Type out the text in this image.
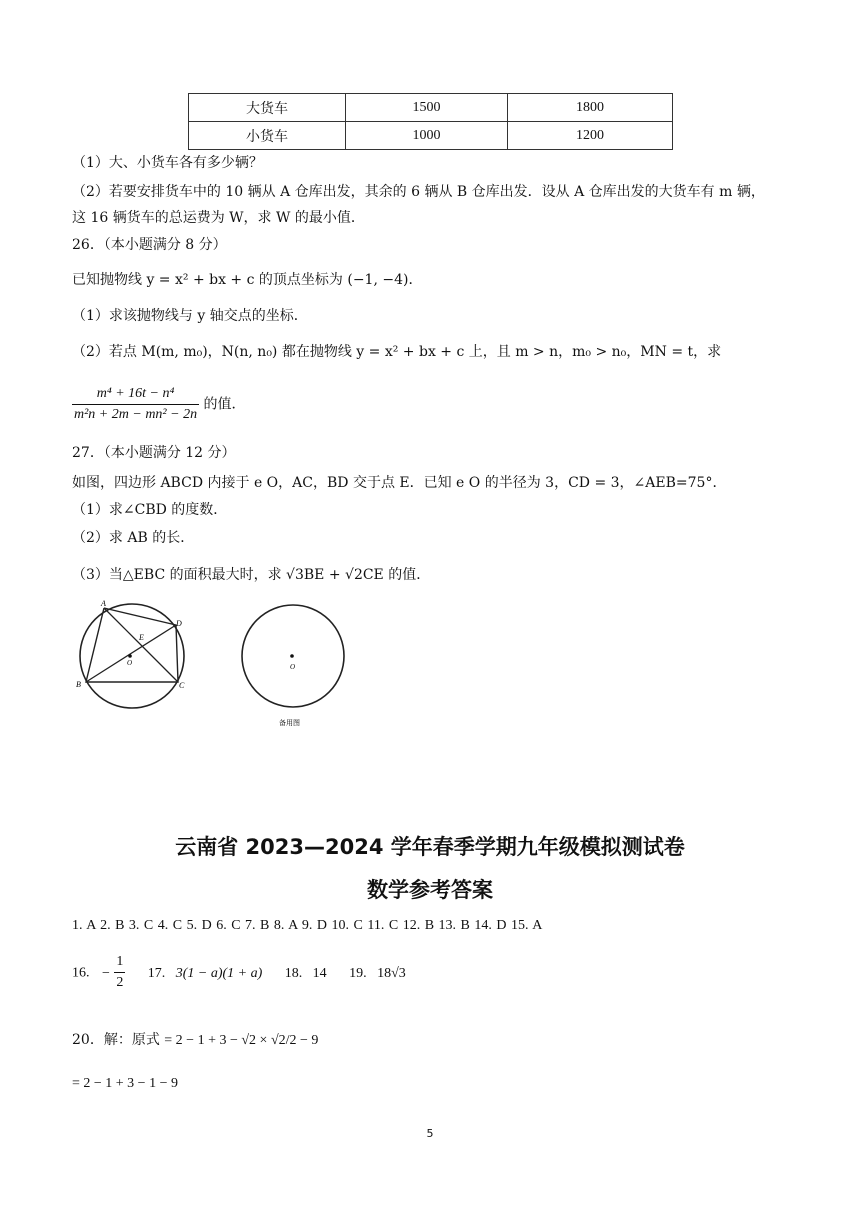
大货车	1500	1800
小货车	1000	1200
（1）大、小货车各有多少辆？
（2）若要安排货车中的 10 辆从 A 仓库出发，其余的 6 辆从 B 仓库出发．设从 A 仓库出发的大货车有 m 辆，
这 16 辆货车的总运费为 W，求 W 的最小值．
26．（本小题满分 8 分）
已知抛物线 y = x² + bx + c 的顶点坐标为 (−1, −4)．
（1）求该抛物线与 y 轴交点的坐标．
（2）若点 M(m, m₀)，N(n, n₀) 都在抛物线 y = x² + bx + c 上，且 m > n，m₀ > n₀，MN = t，求
$\frac{\text{m⁴ + 16t − n⁴}}{\text{m²n + 2m − mn² − 2n}}$ 的值．
27．（本小题满分 12 分）
如图，四边形 ABCD 内接于 e O，AC，BD 交于点 E．已知 e O 的半径为 3，CD = 3，∠AEB=75°．
（1）求∠CBD 的度数．
（2）求 AB 的长．
（3）当△EBC 的面积最大时，求 √3BE + √2CE 的值．
A
D
E
O
B	C
O
备用图
云南省 2023—2024 学年春季学期九年级模拟测试卷
数学参考答案
1. A 2. B 3. C 4. C 5. D 6. C 7. B 8. A 9. D 10. C 11. C 12. B 13. B 14. D 15. A
16. − $\frac{1}{2} 17$. 3(1 − a)(1 + a) 18. 14 19. 18√3
20．解：原式 = 2 − 1 + 3 − √2 × √2/2 − 9
= 2 − 1 + 3 − 1 − 9
5
